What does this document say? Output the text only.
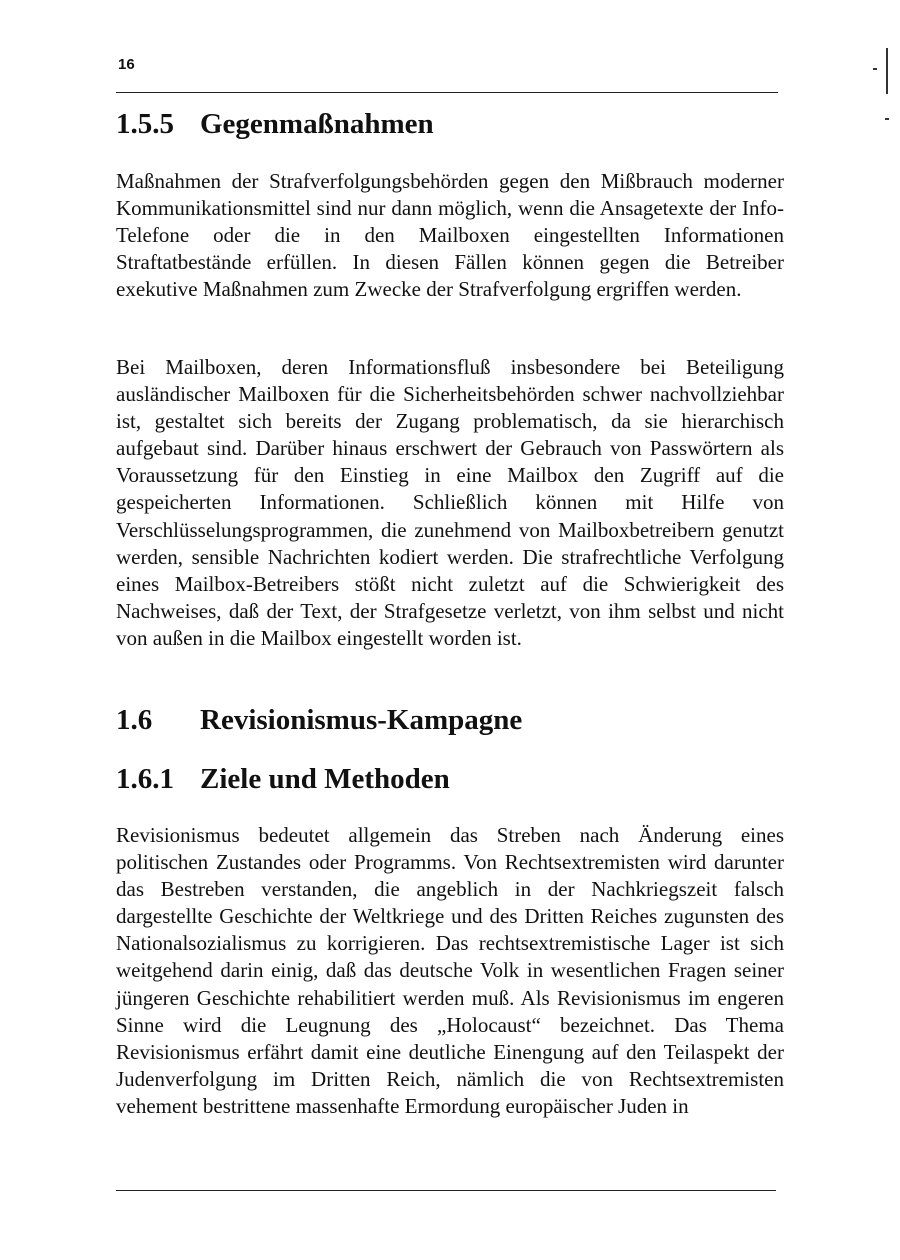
16
1.5.5 Gegenmaßnahmen

Maßnahmen der Strafverfolgungsbehörden gegen den Mißbrauch moderner Kommunikationsmittel sind nur dann möglich, wenn die Ansagetexte der Info-Telefone oder die in den Mailboxen eingestellten Informationen Straftatbestände erfüllen. In diesen Fällen können gegen die Betreiber exekutive Maßnahmen zum Zwecke der Strafverfolgung ergriffen werden.

Bei Mailboxen, deren Informationsfluß insbesondere bei Beteiligung ausländischer Mailboxen für die Sicherheitsbehörden schwer nachvollziehbar ist, gestaltet sich bereits der Zugang problematisch, da sie hierarchisch aufgebaut sind. Darüber hinaus erschwert der Gebrauch von Passwörtern als Voraussetzung für den Einstieg in eine Mailbox den Zugriff auf die gespeicherten Informationen. Schließlich können mit Hilfe von Verschlüsselungsprogrammen, die zunehmend von Mailboxbetreibern genutzt werden, sensible Nachrichten kodiert werden. Die strafrechtliche Verfolgung eines Mailbox-Betreibers stößt nicht zuletzt auf die Schwierigkeit des Nachweises, daß der Text, der Strafgesetze verletzt, von ihm selbst und nicht von außen in die Mailbox eingestellt worden ist.

1.6 Revisionismus-Kampagne
1.6.1 Ziele und Methoden

Revisionismus bedeutet allgemein das Streben nach Änderung eines politischen Zustandes oder Programms. Von Rechtsextremisten wird darunter das Bestreben verstanden, die angeblich in der Nachkriegszeit falsch dargestellte Geschichte der Weltkriege und des Dritten Reiches zugunsten des Nationalsozialismus zu korrigieren. Das rechtsextremistische Lager ist sich weitgehend darin einig, daß das deutsche Volk in wesentlichen Fragen seiner jüngeren Geschichte rehabilitiert werden muß. Als Revisionismus im engeren Sinne wird die Leugnung des „Holocaust“ bezeichnet. Das Thema Revisionismus erfährt damit eine deutliche Einengung auf den Teilaspekt der Judenverfolgung im Dritten Reich, nämlich die von Rechtsextremisten vehement bestrittene massenhafte Ermordung europäischer Juden in
